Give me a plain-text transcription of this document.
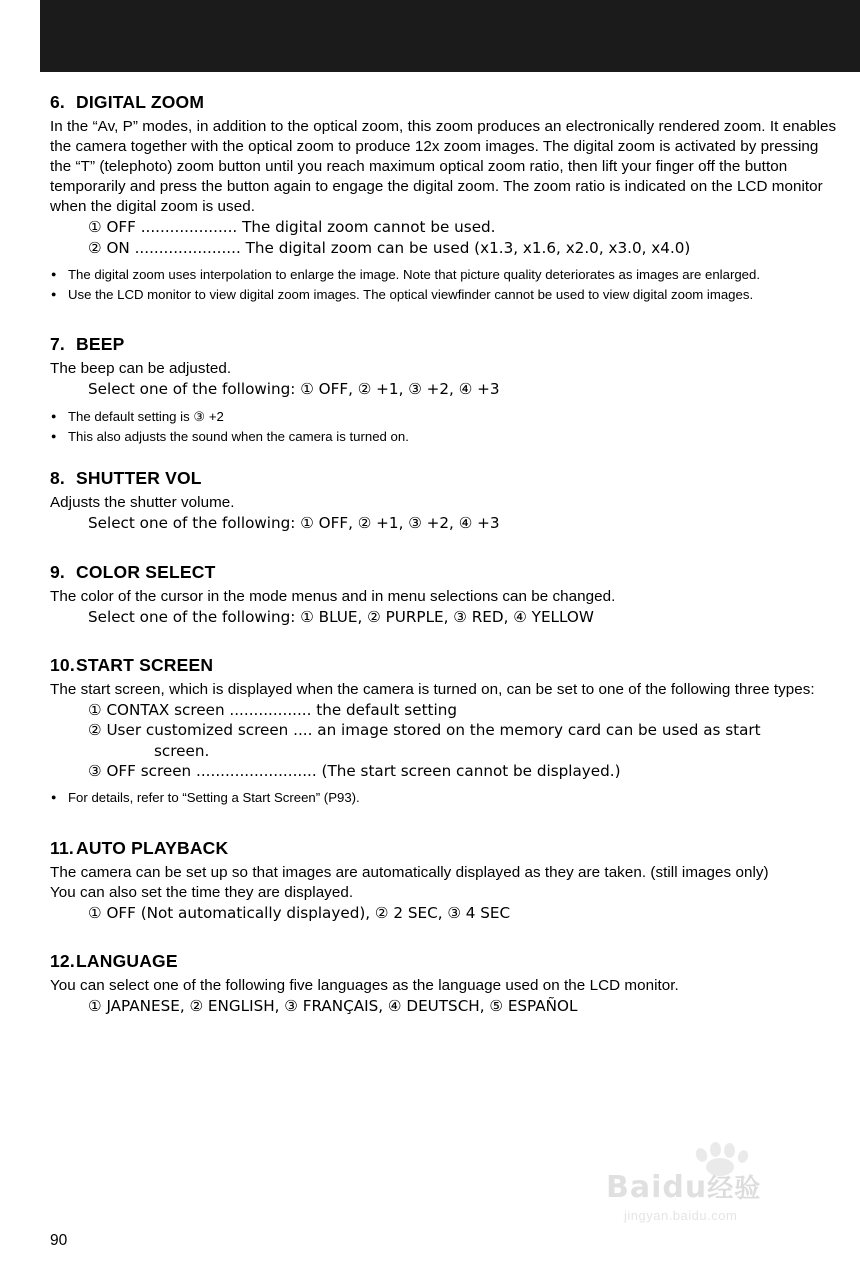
6. DIGITAL ZOOM

In the “Av, P” modes, in addition to the optical zoom, this zoom produces an electronically rendered zoom. It enables the camera together with the optical zoom to produce 12x zoom images. The digital zoom is activated by pressing the “T” (telephoto) zoom button until you reach maximum optical zoom ratio, then lift your finger off the button temporarily and press the button again to engage the digital zoom. The zoom ratio is indicated on the LCD monitor when the digital zoom is used.

① OFF .................... The digital zoom cannot be used.
② ON ...................... The digital zoom can be used (x1.3, x1.6, x2.0, x3.0, x4.0)
● The digital zoom uses interpolation to enlarge the image. Note that picture quality deteriorates as images are enlarged.
● Use the LCD monitor to view digital zoom images. The optical viewfinder cannot be used to view digital zoom images.
7. BEEP

The beep can be adjusted.

Select one of the following: ① OFF, ② +1, ③ +2, ④ +3
● The default setting is ③ +2
● This also adjusts the sound when the camera is turned on.
8. SHUTTER VOL

Adjusts the shutter volume.

Select one of the following: ① OFF, ② +1, ③ +2, ④ +3
9. COLOR SELECT

The color of the cursor in the mode menus and in menu selections can be changed.

Select one of the following: ① BLUE, ② PURPLE, ③ RED, ④ YELLOW
10.START SCREEN

The start screen, which is displayed when the camera is turned on, can be set to one of the following three types:

① CONTAX screen ................. the default setting
② User customized screen .... an image stored on the memory card can be used as start
screen.
③ OFF screen ......................... (The start screen cannot be displayed.)
● For details, refer to “Setting a Start Screen” (P93).
11. AUTO PLAYBACK

The camera can be set up so that images are automatically displayed as they are taken. (still images only)

You can also set the time they are displayed.

① OFF (Not automatically displayed), ② 2 SEC, ③ 4 SEC
12.LANGUAGE

You can select one of the following five languages as the language used on the LCD monitor.

① JAPANESE, ② ENGLISH, ③ FRANÇAIS, ④ DEUTSCH, ⑤ ESPAÑOL
Baidu经验
jingyan.baidu.com
90
